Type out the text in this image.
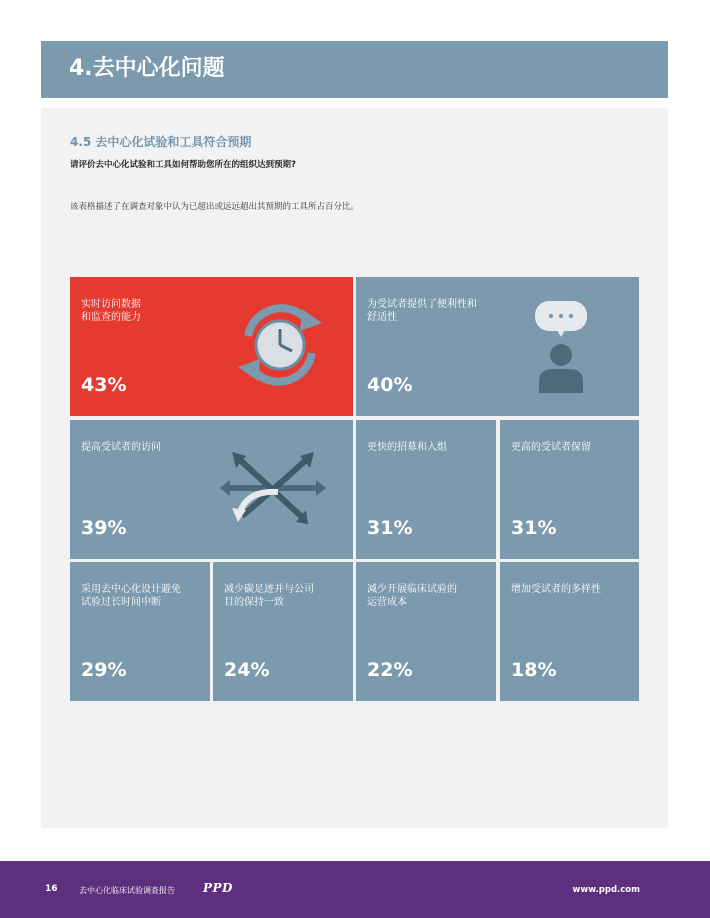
4.去中心化问题

4.5 去中心化试验和工具符合预期

请评价去中心化试验和工具如何帮助您所在的组织达到预期?

该表格描述了在调查对象中认为已超出或远远超出其预期的工具所占百分比。

实时访问数据
和监查的能力
43%
为受试者提供了便利性和
舒适性
40%
提高受试者的访问
39%
更快的招募和入组
31%
更高的受试者保留
31%
采用去中心化设计避免
试验过长时间中断
29%
减少碳足迹并与公司
目的保持一致
24%
减少开展临床试验的
运营成本
22%
增加受试者的多样性
18%
16	去中心化临床试验调查报告 PPD	www.ppd.com
